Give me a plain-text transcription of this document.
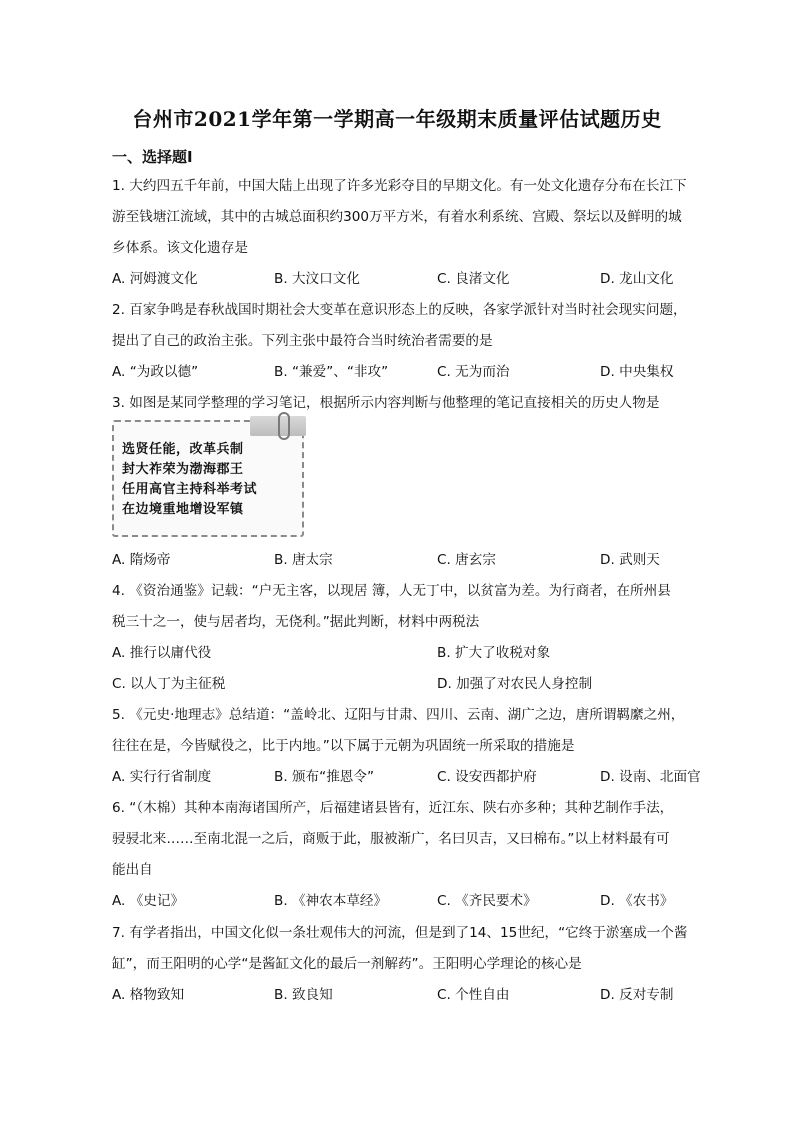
台州市2021学年第一学期高一年级期末质量评估试题历史
一、选择题Ⅰ
1. 大约四五千年前，中国大陆上出现了许多光彩夺目的早期文化。有一处文化遗存分布在长江下
游至钱塘江流域，其中的古城总面积约300万平方米，有着水利系统、宫殿、祭坛以及鲜明的城
乡体系。该文化遗存是
A. 河姆渡文化	B. 大汶口文化	C. 良渚文化	D. 龙山文化
2. 百家争鸣是春秋战国时期社会大变革在意识形态上的反映，各家学派针对当时社会现实问题，
提出了自己的政治主张。下列主张中最符合当时统治者需要的是
A. “为政以德”	B. “兼爱”、“非攻”	C. 无为而治	D. 中央集权
3. 如图是某同学整理的学习笔记，根据所示内容判断与他整理的笔记直接相关的历史人物是
选贤任能，改革兵制
封大祚荣为渤海郡王
任用高官主持科举考试
在边境重地增设军镇
A. 隋炀帝	B. 唐太宗	C. 唐玄宗	D. 武则天
4. 《资治通鉴》记载：“户无主客，以现居 簿，人无丁中，以贫富为差。为行商者，在所州县
税三十之一，使与居者均，无侥利。”据此判断，材料中两税法
A. 推行以庸代役	B. 扩大了收税对象
C. 以人丁为主征税	D. 加强了对农民人身控制
5. 《元史·地理志》总结道：“盖岭北、辽阳与甘肃、四川、云南、湖广之边，唐所谓羁縻之州，
往往在是，今皆赋役之，比于内地。”以下属于元朝为巩固统一所采取的措施是
A. 实行行省制度	B. 颁布“推恩令”	C. 设安西都护府	D. 设南、北面官
6. “（木棉）其种本南海诸国所产，后福建诸县皆有，近江东、陕右亦多种；其种艺制作手法，
骎骎北来……至南北混一之后，商贩于此，服被渐广，名曰贝吉，又曰棉布。”以上材料最有可
能出自
A. 《史记》	B. 《神农本草经》	C. 《齐民要术》	D. 《农书》
7. 有学者指出，中国文化似一条壮观伟大的河流，但是到了14、15世纪，“它终于淤塞成一个酱
缸”，而王阳明的心学“是酱缸文化的最后一剂解药”。王阳明心学理论的核心是
A. 格物致知	B. 致良知	C. 个性自由	D. 反对专制
